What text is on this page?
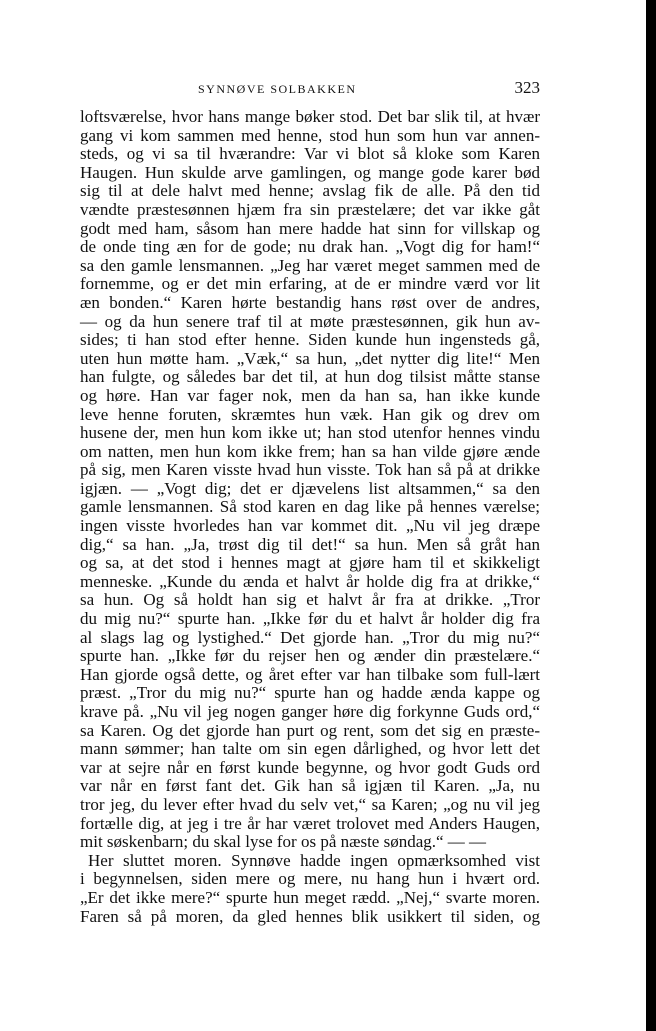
SYNNØVE SOLBAKKEN	323
loftsværelse, hvor hans mange bøker stod. Det bar slik til, at hvær
gang vi kom sammen med henne, stod hun som hun var annen-
steds, og vi sa til hværandre: Var vi blot så kloke som Karen
Haugen. Hun skulde arve gamlingen, og mange gode karer bød
sig til at dele halvt med henne; avslag fik de alle. På den tid
vændte præstesønnen hjæm fra sin præstelære; det var ikke gåt
godt med ham, såsom han mere hadde hat sinn for villskap og
de onde ting æn for de gode; nu drak han. „Vogt dig for ham!“
sa den gamle lensmannen. „Jeg har været meget sammen med de
fornemme, og er det min erfaring, at de er mindre værd vor lit
æn bonden.“ Karen hørte bestandig hans røst over de andres,
— og da hun senere traf til at møte præstesønnen, gik hun av-
sides; ti han stod efter henne. Siden kunde hun ingensteds gå,
uten hun møtte ham. „Væk,“ sa hun, „det nytter dig lite!“ Men
han fulgte, og således bar det til, at hun dog tilsist måtte stanse
og høre. Han var fager nok, men da han sa, han ikke kunde
leve henne foruten, skræmtes hun væk. Han gik og drev om
husene der, men hun kom ikke ut; han stod utenfor hennes vindu
om natten, men hun kom ikke frem; han sa han vilde gjøre ænde
på sig, men Karen visste hvad hun visste. Tok han så på at drikke
igjæn. — „Vogt dig; det er djævelens list altsammen,“ sa den
gamle lensmannen. Så stod karen en dag like på hennes værelse;
ingen visste hvorledes han var kommet dit. „Nu vil jeg dræpe
dig,“ sa han. „Ja, trøst dig til det!“ sa hun. Men så gråt han
og sa, at det stod i hennes magt at gjøre ham til et skikkeligt
menneske. „Kunde du ænda et halvt år holde dig fra at drikke,“
sa hun. Og så holdt han sig et halvt år fra at drikke. „Tror
du mig nu?“ spurte han. „Ikke før du et halvt år holder dig fra
al slags lag og lystighed.“ Det gjorde han. „Tror du mig nu?“
spurte han. „Ikke før du rejser hen og ænder din præstelære.“
Han gjorde også dette, og året efter var han tilbake som full-lært
præst. „Tror du mig nu?“ spurte han og hadde ænda kappe og
krave på. „Nu vil jeg nogen ganger høre dig forkynne Guds ord,“
sa Karen. Og det gjorde han purt og rent, som det sig en præste-
mann sømmer; han talte om sin egen dårlighed, og hvor lett det
var at sejre når en først kunde begynne, og hvor godt Guds ord
var når en først fant det. Gik han så igjæn til Karen. „Ja, nu
tror jeg, du lever efter hvad du selv vet,“ sa Karen; „og nu vil jeg
fortælle dig, at jeg i tre år har været trolovet med Anders Haugen,
mit søskenbarn; du skal lyse for os på næste søndag.“ — —
Her sluttet moren. Synnøve hadde ingen opmærksomhed vist
i begynnelsen, siden mere og mere, nu hang hun i hvært ord.
„Er det ikke mere?“ spurte hun meget rædd. „Nej,“ svarte moren.
Faren så på moren, da gled hennes blik usikkert til siden, og
